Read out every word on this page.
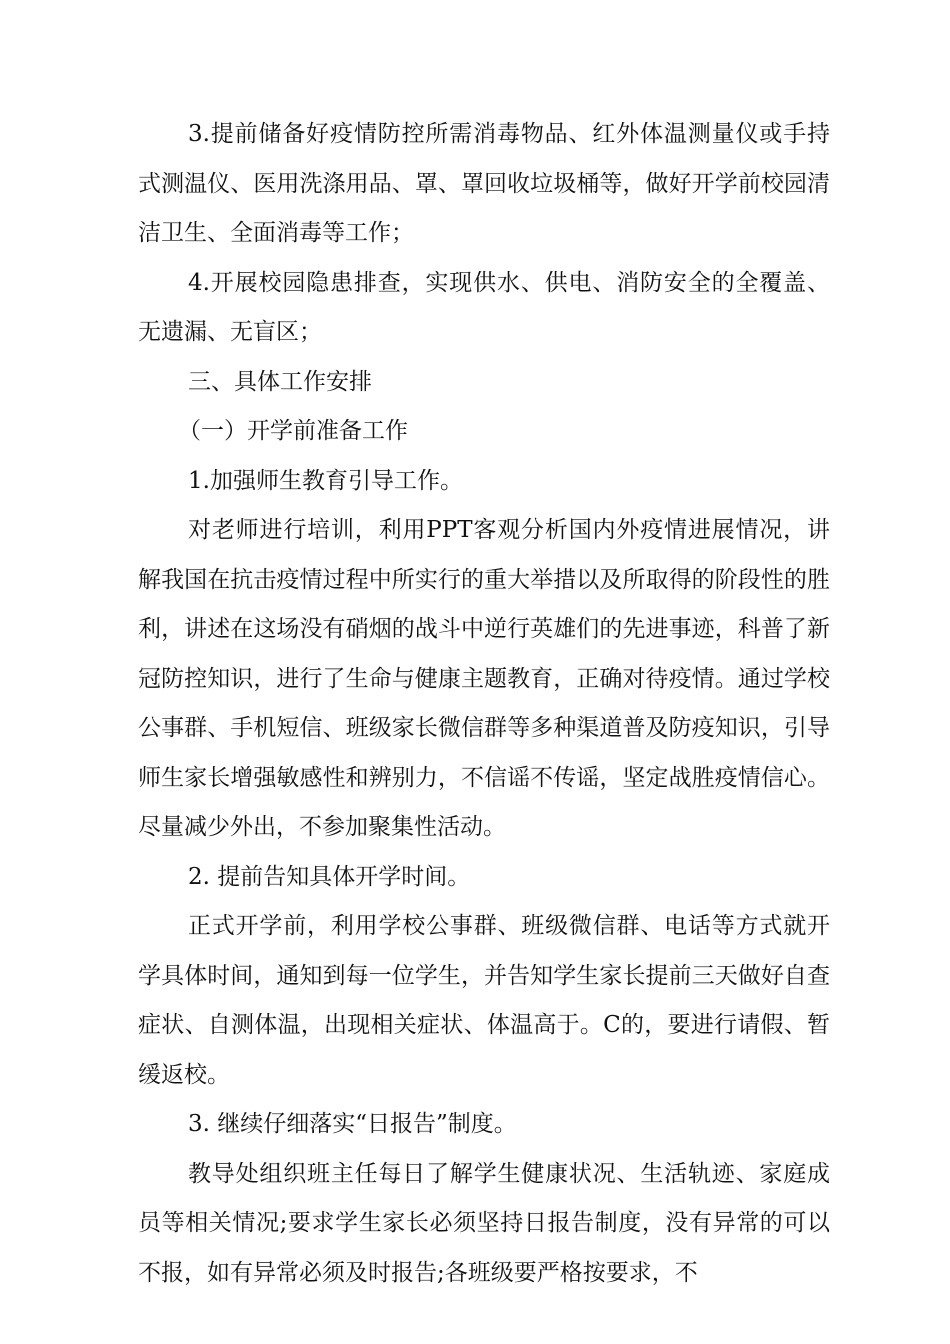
3.提前储备好疫情防控所需消毒物品、红外体温测量仪或手持式测温仪、医用洗涤用品、罩、罩回收垃圾桶等，做好开学前校园清洁卫生、全面消毒等工作；

4.开展校园隐患排查，实现供水、供电、消防安全的全覆盖、无遗漏、无盲区；

三、具体工作安排

（一）开学前准备工作

1.加强师生教育引导工作。

对老师进行培训，利用PPT客观分析国内外疫情进展情况，讲解我国在抗击疫情过程中所实行的重大举措以及所取得的阶段性的胜利，讲述在这场没有硝烟的战斗中逆行英雄们的先进事迹，科普了新冠防控知识，进行了生命与健康主题教育，正确对待疫情。通过学校公事群、手机短信、班级家长微信群等多种渠道普及防疫知识，引导师生家长增强敏感性和辨别力，不信谣不传谣，坚定战胜疫情信心。尽量减少外出，不参加聚集性活动。

2. 提前告知具体开学时间。

正式开学前，利用学校公事群、班级微信群、电话等方式就开学具体时间，通知到每一位学生，并告知学生家长提前三天做好自查症状、自测体温，出现相关症状、体温高于。C的，要进行请假、暂缓返校。

3. 继续仔细落实“日报告”制度。

教导处组织班主任每日了解学生健康状况、生活轨迹、家庭成员等相关情况;要求学生家长必须坚持日报告制度，没有异常的可以不报，如有异常必须及时报告;各班级要严格按要求，不
